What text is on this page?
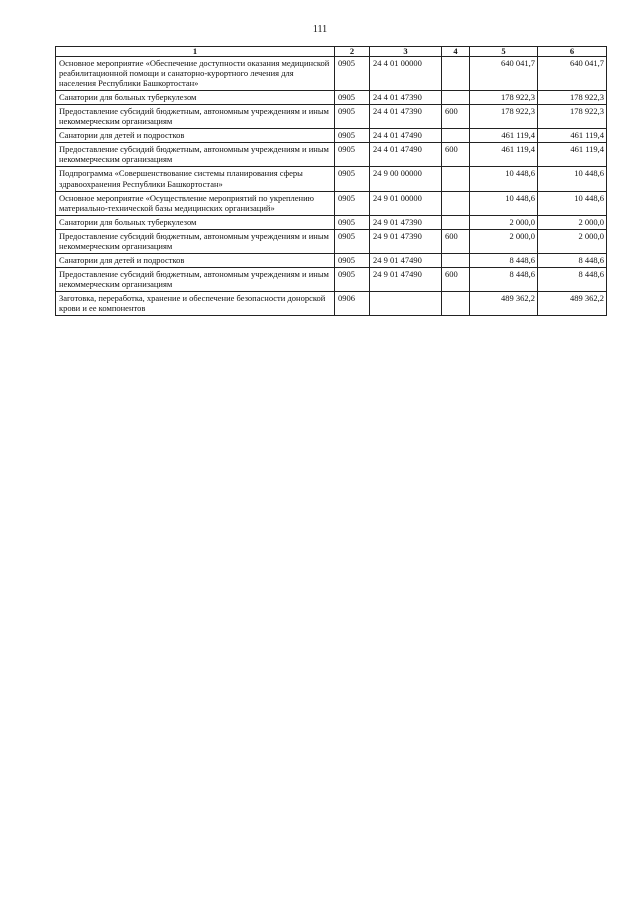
111
1	2	3	4	5	6
Основное мероприятие «Обеспечение доступности оказания медицинской реабилитационной помощи и санаторно-курортного лечения для населения Республики Башкортостан»	0905	24 4 01 00000		640 041,7	640 041,7
Санатории для больных туберкулезом	0905	24 4 01 47390		178 922,3	178 922,3
Предоставление субсидий бюджетным, автономным учреждениям и иным некоммерческим организациям	0905	24 4 01 47390	600	178 922,3	178 922,3
Санатории для детей и подростков	0905	24 4 01 47490		461 119,4	461 119,4
Предоставление субсидий бюджетным, автономным учреждениям и иным некоммерческим организациям	0905	24 4 01 47490	600	461 119,4	461 119,4
Подпрограмма «Совершенствование системы планирования сферы здравоохранения Республики Башкортостан»	0905	24 9 00 00000		10 448,6	10 448,6
Основное мероприятие «Осуществление мероприятий по укреплению материально-технической базы медицинских организаций»	0905	24 9 01 00000		10 448,6	10 448,6
Санатории для больных туберкулезом	0905	24 9 01 47390		2 000,0	2 000,0
Предоставление субсидий бюджетным, автономным учреждениям и иным некоммерческим организациям	0905	24 9 01 47390	600	2 000,0	2 000,0
Санатории для детей и подростков	0905	24 9 01 47490		8 448,6	8 448,6
Предоставление субсидий бюджетным, автономным учреждениям и иным некоммерческим организациям	0905	24 9 01 47490	600	8 448,6	8 448,6
Заготовка, переработка, хранение и обеспечение безопасности донорской крови и ее компонентов	0906			489 362,2	489 362,2
